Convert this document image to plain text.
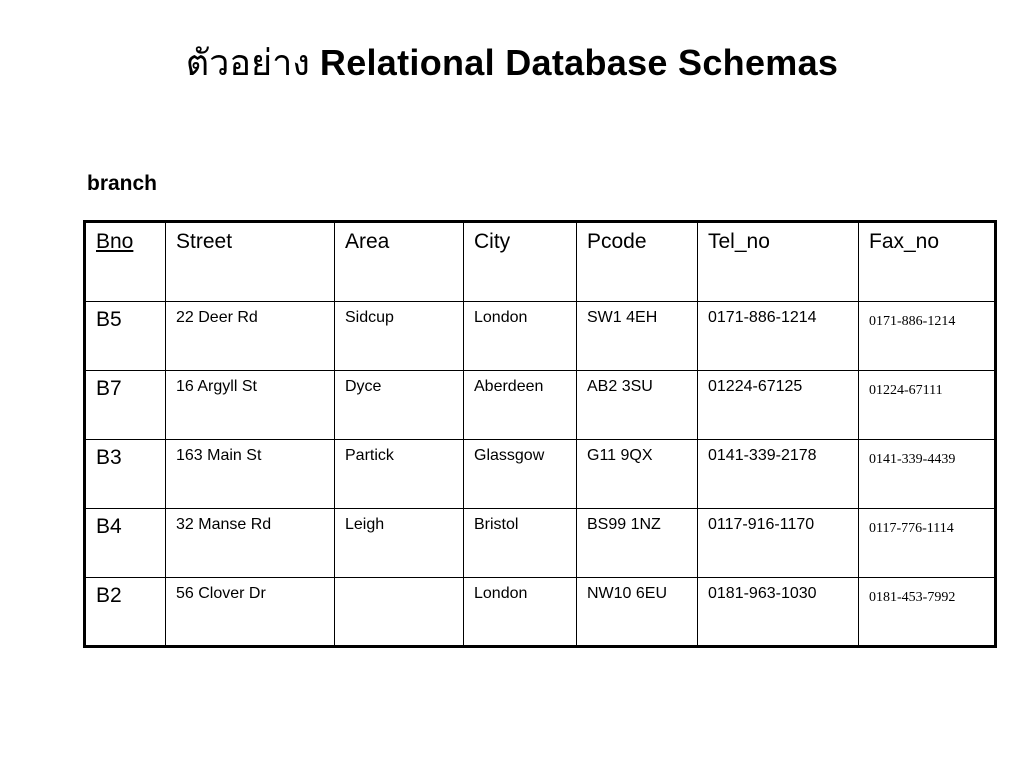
ตัวอย่าง Relational Database Schemas
branch
Bno	Street	Area	City	Pcode	Tel_no	Fax_no
B5	22 Deer Rd	Sidcup	London	SW1 4EH	0171-886-1214	0171-886-1214
B7	16 Argyll St	Dyce	Aberdeen	AB2 3SU	01224-67125	01224-67111
B3	163 Main St	Partick	Glassgow	G11 9QX	0141-339-2178	0141-339-4439
B4	32 Manse Rd	Leigh	Bristol	BS99 1NZ	0117-916-1170	0117-776-1114
B2	56 Clover Dr		London	NW10 6EU	0181-963-1030	0181-453-7992
